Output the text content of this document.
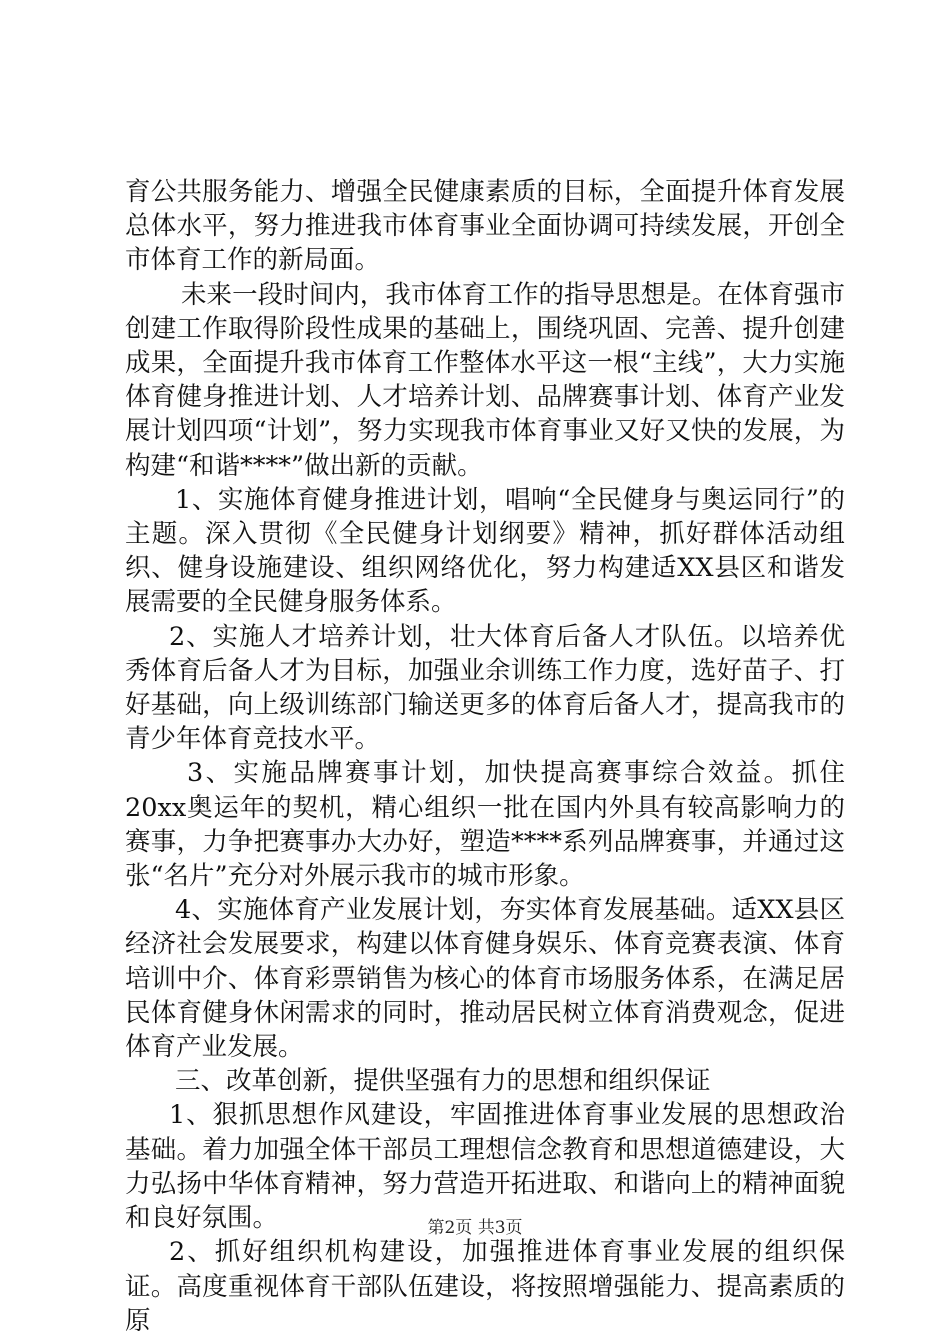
育公共服务能力、增强全民健康素质的目标，全面提升体育发展总体水平，努力推进我市体育事业全面协调可持续发展，开创全市体育工作的新局面。

未来一段时间内，我市体育工作的指导思想是。在体育强市创建工作取得阶段性成果的基础上，围绕巩固、完善、提升创建成果，全面提升我市体育工作整体水平这一根“主线”，大力实施体育健身推进计划、人才培养计划、品牌赛事计划、体育产业发展计划四项“计划”，努力实现我市体育事业又好又快的发展，为构建“和谐****”做出新的贡献。

1、实施体育健身推进计划，唱响“全民健身与奥运同行”的主题。深入贯彻《全民健身计划纲要》精神，抓好群体活动组织、健身设施建设、组织网络优化，努力构建适XX县区和谐发展需要的全民健身服务体系。

2、实施人才培养计划，壮大体育后备人才队伍。以培养优秀体育后备人才为目标，加强业余训练工作力度，选好苗子、打好基础，向上级训练部门输送更多的体育后备人才，提高我市的青少年体育竞技水平。

3、实施品牌赛事计划，加快提高赛事综合效益。抓住20xx奥运年的契机，精心组织一批在国内外具有较高影响力的赛事，力争把赛事办大办好，塑造****系列品牌赛事，并通过这张“名片”充分对外展示我市的城市形象。

4、实施体育产业发展计划，夯实体育发展基础。适XX县区经济社会发展要求，构建以体育健身娱乐、体育竞赛表演、体育培训中介、体育彩票销售为核心的体育市场服务体系，在满足居民体育健身休闲需求的同时，推动居民树立体育消费观念，促进体育产业发展。

三、改革创新，提供坚强有力的思想和组织保证

1、狠抓思想作风建设，牢固推进体育事业发展的思想政治基础。着力加强全体干部员工理想信念教育和思想道德建设，大力弘扬中华体育精神，努力营造开拓进取、和谐向上的精神面貌和良好氛围。

2、抓好组织机构建设，加强推进体育事业发展的组织保证。高度重视体育干部队伍建设，将按照增强能力、提高素质的原

第2页 共3页
